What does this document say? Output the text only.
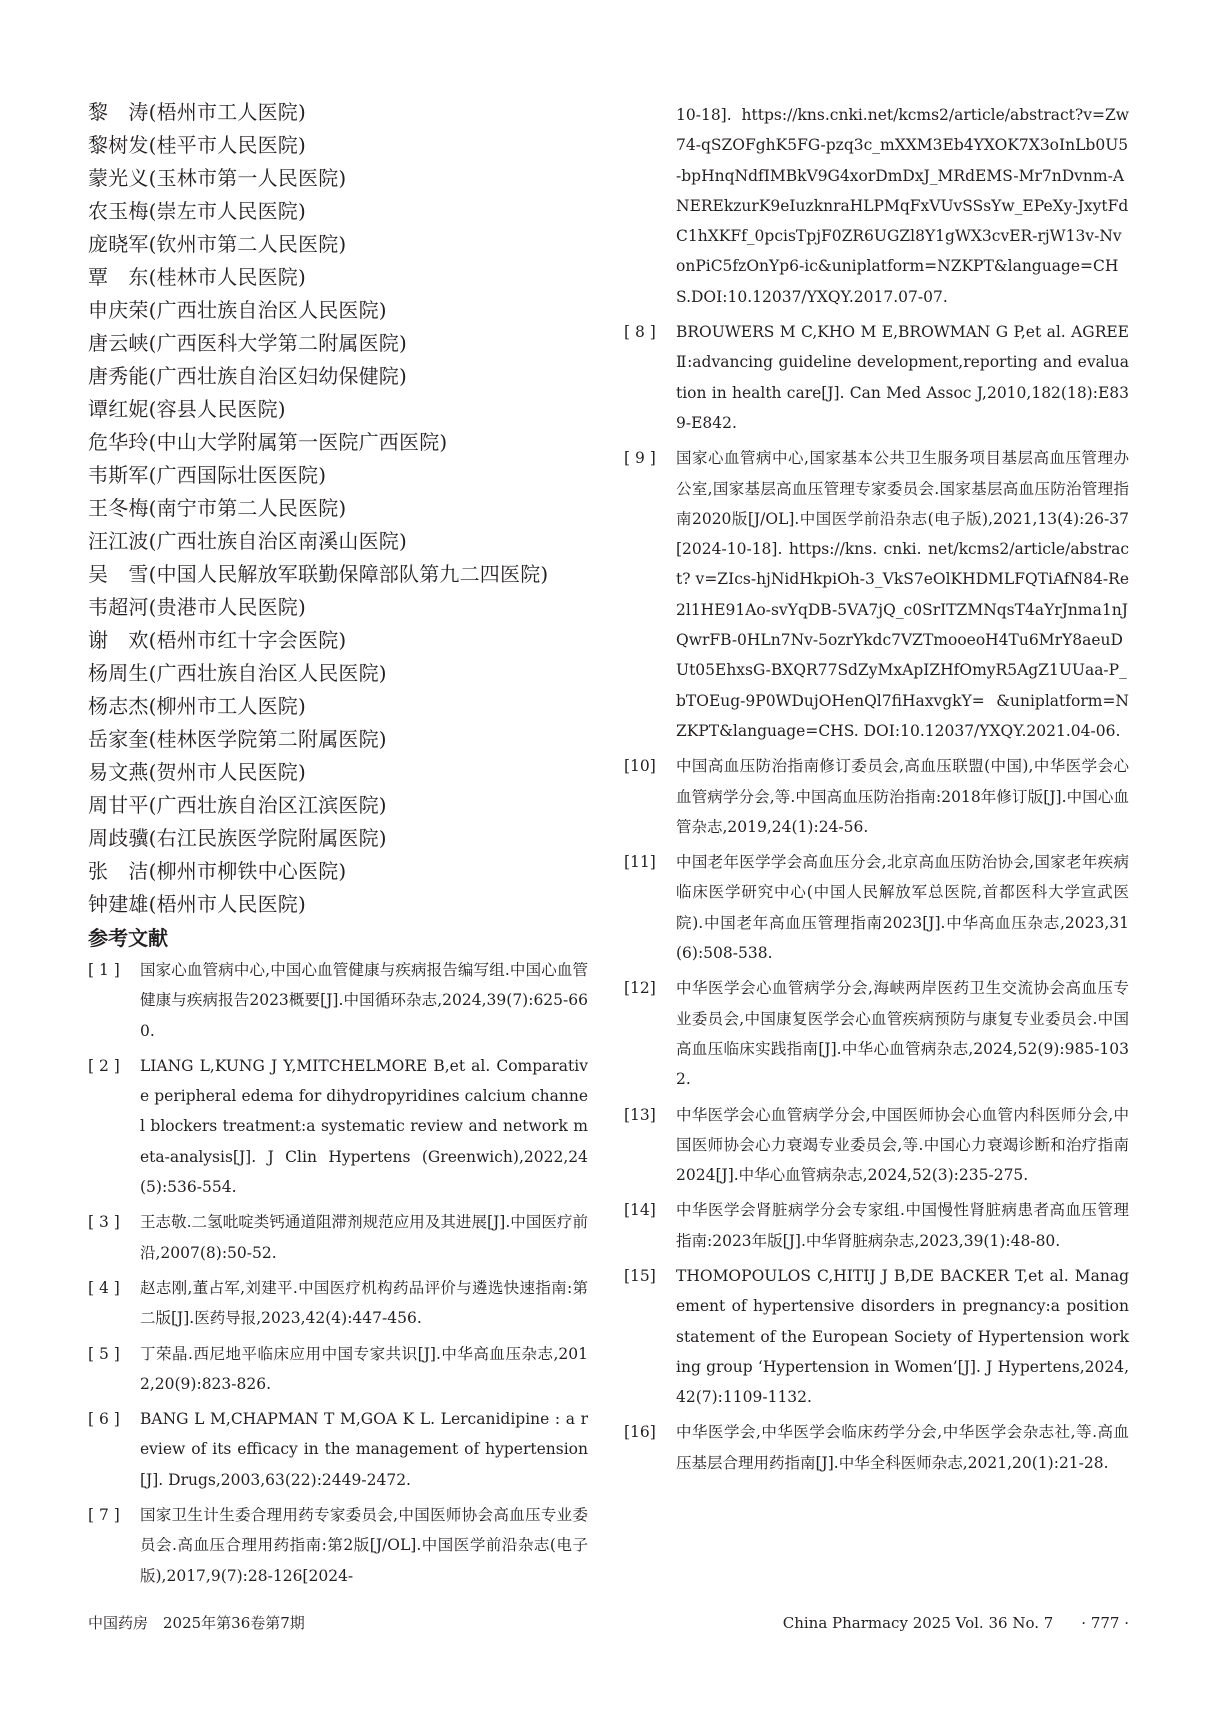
黎　涛(梧州市工人医院)
黎树发(桂平市人民医院)
蒙光义(玉林市第一人民医院)
农玉梅(崇左市人民医院)
庞晓军(钦州市第二人民医院)
覃　东(桂林市人民医院)
申庆荣(广西壮族自治区人民医院)
唐云峡(广西医科大学第二附属医院)
唐秀能(广西壮族自治区妇幼保健院)
谭红妮(容县人民医院)
危华玲(中山大学附属第一医院广西医院)
韦斯军(广西国际壮医医院)
王冬梅(南宁市第二人民医院)
汪江波(广西壮族自治区南溪山医院)
吴　雪(中国人民解放军联勤保障部队第九二四医院)
韦超河(贵港市人民医院)
谢　欢(梧州市红十字会医院)
杨周生(广西壮族自治区人民医院)
杨志杰(柳州市工人医院)
岳家奎(桂林医学院第二附属医院)
易文燕(贺州市人民医院)
周甘平(广西壮族自治区江滨医院)
周歧骥(右江民族医学院附属医院)
张　洁(柳州市柳铁中心医院)
钟建雄(梧州市人民医院)
参考文献
[ 1 ]	国家心血管病中心,中国心血管健康与疾病报告编写组.中国心血管健康与疾病报告2023概要[J].中国循环杂志,2024,39(7):625-660.
[ 2 ]	LIANG L,KUNG J Y,MITCHELMORE B,et al. Comparative peripheral edema for dihydropyridines calcium channel blockers treatment:a systematic review and network meta-analysis[J]. J Clin Hypertens (Greenwich),2022,24(5):536-554.
[ 3 ]	王志敬.二氢吡啶类钙通道阻滞剂规范应用及其进展[J].中国医疗前沿,2007(8):50-52.
[ 4 ]	赵志刚,董占军,刘建平.中国医疗机构药品评价与遴选快速指南:第二版[J].医药导报,2023,42(4):447-456.
[ 5 ]	丁荣晶.西尼地平临床应用中国专家共识[J].中华高血压杂志,2012,20(9):823-826.
[ 6 ]	BANG L M,CHAPMAN T M,GOA K L. Lercanidipine : a review of its efficacy in the management of hypertension [J]. Drugs,2003,63(22):2449-2472.
[ 7 ]	国家卫生计生委合理用药专家委员会,中国医师协会高血压专业委员会.高血压合理用药指南:第2版[J/OL].中国医学前沿杂志(电子版),2017,9(7):28-126[2024-
10-18]. https://kns.cnki.net/kcms2/article/abstract?v=Zw74-qSZOFghK5FG-pzq3c_mXXM3Eb4YXOK7X3oInLb0U5-bpHnqNdfIMBkV9G4xorDmDxJ_MRdEMS-Mr7nDvnm-ANEREkzurK9eIuzknraHLPMqFxVUvSSsYw_EPeXy-JxytFdC1hXKFf_0pcisTpjF0ZR6UGZl8Y1gWX3cvER-rjW13v-NvonPiC5fzOnYp6-ic&uniplatform=NZKPT&language=CHS.DOI:10.12037/YXQY.2017.07-07.
[ 8 ]	BROUWERS M C,KHO M E,BROWMAN G P,et al. AGREE Ⅱ:advancing guideline development,reporting and evaluation in health care[J]. Can Med Assoc J,2010,182(18):E839-E842.
[ 9 ]	国家心血管病中心,国家基本公共卫生服务项目基层高血压管理办公室,国家基层高血压管理专家委员会.国家基层高血压防治管理指南2020版[J/OL].中国医学前沿杂志(电子版),2021,13(4):26-37[2024-10-18]. https://kns. cnki. net/kcms2/article/abstract? v=ZIcs-hjNidHkpiOh-3_VkS7eOlKHDMLFQTiAfN84-Re2l1HE91Ao-svYqDB-5VA7jQ_c0SrITZMNqsT4aYrJnma1nJQwrFB-0HLn7Nv-5ozrYkdc7VZTmooeoH4Tu6MrY8aeuDUt05EhxsG-BXQR77SdZyMxApIZHfOmyR5AgZ1UUaa-P_bTOEug-9P0WDujOHenQl7fiHaxvgkY= &uniplatform=NZKPT&language=CHS. DOI:10.12037/YXQY.2021.04-06.
[10]	中国高血压防治指南修订委员会,高血压联盟(中国),中华医学会心血管病学分会,等.中国高血压防治指南:2018年修订版[J].中国心血管杂志,2019,24(1):24-56.
[11]	中国老年医学学会高血压分会,北京高血压防治协会,国家老年疾病临床医学研究中心(中国人民解放军总医院,首都医科大学宣武医院).中国老年高血压管理指南2023[J].中华高血压杂志,2023,31(6):508-538.
[12]	中华医学会心血管病学分会,海峡两岸医药卫生交流协会高血压专业委员会,中国康复医学会心血管疾病预防与康复专业委员会.中国高血压临床实践指南[J].中华心血管病杂志,2024,52(9):985-1032.
[13]	中华医学会心血管病学分会,中国医师协会心血管内科医师分会,中国医师协会心力衰竭专业委员会,等.中国心力衰竭诊断和治疗指南2024[J].中华心血管病杂志,2024,52(3):235-275.
[14]	中华医学会肾脏病学分会专家组.中国慢性肾脏病患者高血压管理指南:2023年版[J].中华肾脏病杂志,2023,39(1):48-80.
[15]	THOMOPOULOS C,HITIJ J B,DE BACKER T,et al. Management of hypertensive disorders in pregnancy:a position statement of the European Society of Hypertension working group ‘Hypertension in Women’[J]. J Hypertens,2024,42(7):1109-1132.
[16]	中华医学会,中华医学会临床药学分会,中华医学会杂志社,等.高血压基层合理用药指南[J].中华全科医师杂志,2021,20(1):21-28.
中国药房　2025年第36卷第7期	China Pharmacy 2025 Vol. 36 No. 7 · 777 ·
